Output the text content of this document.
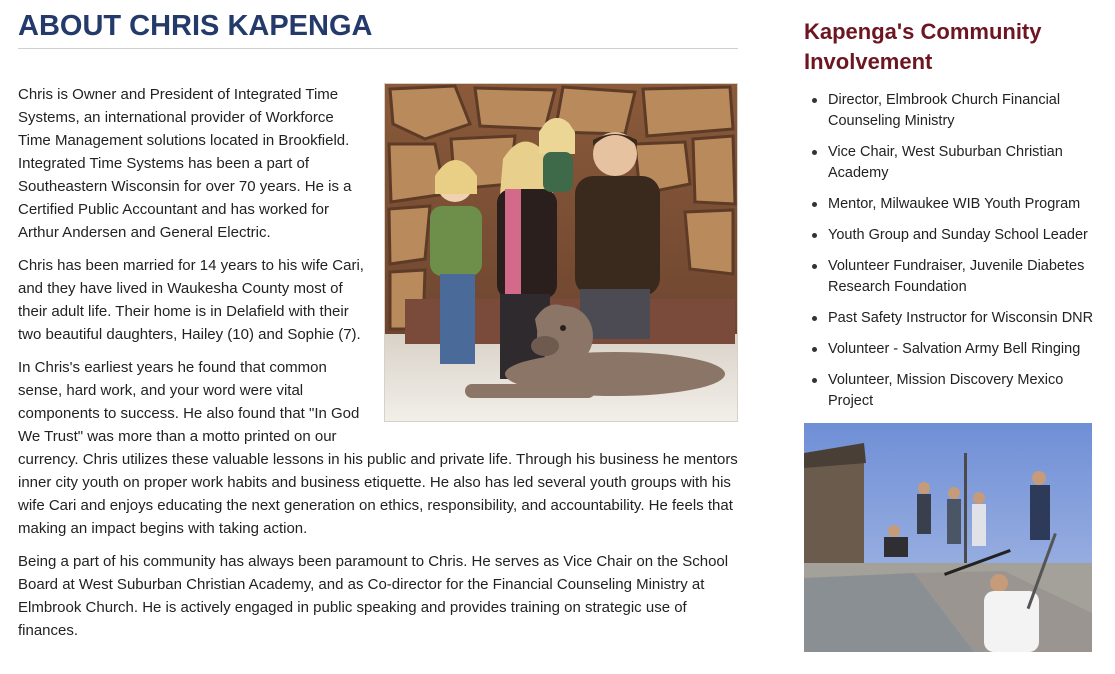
ABOUT CHRIS KAPENGA

Chris is Owner and President of Integrated Time Systems, an international provider of Workforce Time Management solutions located in Brookfield. Integrated Time Systems has been a part of Southeastern Wisconsin for over 70 years. He is a Certified Public Accountant and has worked for Arthur Andersen and General Electric.

Chris has been married for 14 years to his wife Cari, and they have lived in Waukesha County most of their adult life. Their home is in Delafield with their two beautiful daughters, Hailey (10) and Sophie (7).

In Chris's earliest years he found that common sense, hard work, and your word were vital components to success. He also found that "In God We Trust" was more than a motto printed on our currency. Chris utilizes these valuable lessons in his public and private life. Through his business he mentors inner city youth on proper work habits and business etiquette. He also has led several youth groups with his wife Cari and enjoys educating the next generation on ethics, responsibility, and accountability. He feels that making an impact begins with taking action.

Being a part of his community has always been paramount to Chris. He serves as Vice Chair on the School Board at West Suburban Christian Academy, and as Co-director for the Financial Counseling Ministry at Elmbrook Church. He is actively engaged in public speaking and provides training on strategic use of finances.

Kapenga's Community Involvement
Director, Elmbrook Church Financial Counseling Ministry
Vice Chair, West Suburban Christian Academy
Mentor, Milwaukee WIB Youth Program
Youth Group and Sunday School Leader
Volunteer Fundraiser, Juvenile Diabetes Research Foundation
Past Safety Instructor for Wisconsin DNR
Volunteer - Salvation Army Bell Ringing
Volunteer, Mission Discovery Mexico Project
